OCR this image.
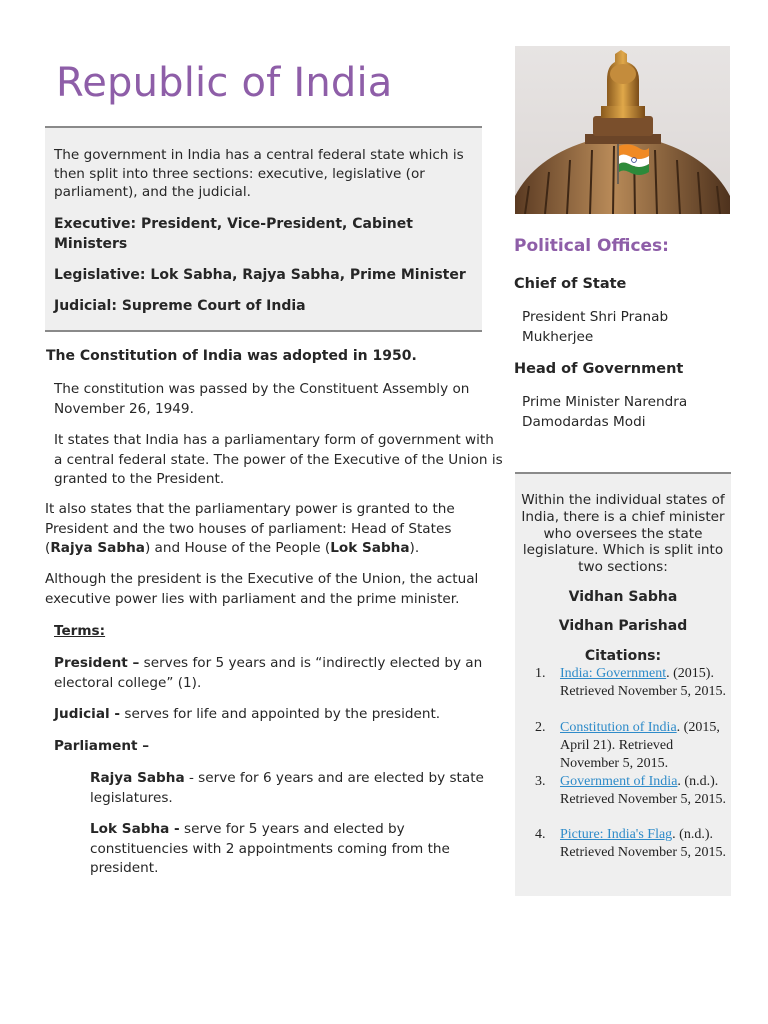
Republic of India

The government in India has a central federal state which is then split into three sections: executive, legislative (or parliament), and the judicial.

Executive: President, Vice-President, Cabinet Ministers

Legislative: Lok Sabha, Rajya Sabha, Prime Minister

Judicial: Supreme Court of India

The Constitution of India was adopted in 1950.

The constitution was passed by the Constituent Assembly on November 26, 1949.

It states that India has a parliamentary form of government with a central federal state. The power of the Executive of the Union is granted to the President.

It also states that the parliamentary power is granted to the President and the two houses of parliament: Head of States (Rajya Sabha) and House of the People (Lok Sabha).

Although the president is the Executive of the Union, the actual executive power lies with parliament and the prime minister.

Terms:

President – serves for 5 years and is “indirectly elected by an electoral college” (1).

Judicial - serves for life and appointed by the president.

Parliament –

Rajya Sabha - serve for 6 years and are elected by state legislatures.

Lok Sabha - serve for 5 years and elected by constituencies with 2 appointments coming from the president.

Political Offices:

Chief of State

President Shri Pranab Mukherjee

Head of Government

Prime Minister Narendra Damodardas Modi

Within the individual states of India, there is a chief minister who oversees the state legislature. Which is split into two sections:

Vidhan Sabha

Vidhan Parishad

Citations:

1. India: Government. (2015). Retrieved November 5, 2015.
2. Constitution of India. (2015, April 21). Retrieved November 5, 2015.
3. Government of India. (n.d.). Retrieved November 5, 2015.
4. Picture: India's Flag. (n.d.). Retrieved November 5, 2015.
